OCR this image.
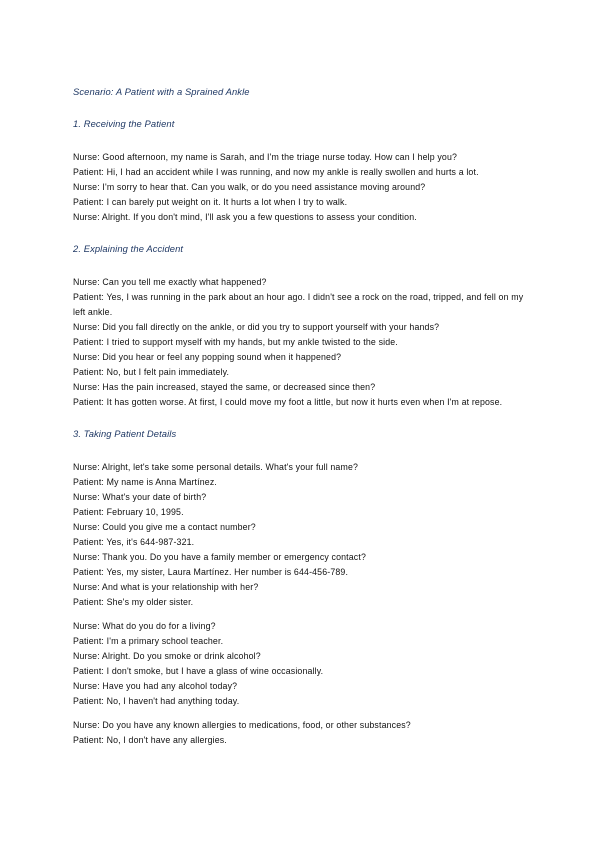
Scenario: A Patient with a Sprained Ankle
1. Receiving the Patient
Nurse: Good afternoon, my name is Sarah, and I'm the triage nurse today. How can I help you?
Patient: Hi, I had an accident while I was running, and now my ankle is really swollen and hurts a lot.
Nurse: I'm sorry to hear that. Can you walk, or do you need assistance moving around?
Patient: I can barely put weight on it. It hurts a lot when I try to walk.
Nurse: Alright. If you don't mind, I'll ask you a few questions to assess your condition.
2. Explaining the Accident
Nurse: Can you tell me exactly what happened?
Patient: Yes, I was running in the park about an hour ago. I didn't see a rock on the road, tripped, and fell on my left ankle.
Nurse: Did you fall directly on the ankle, or did you try to support yourself with your hands?
Patient: I tried to support myself with my hands, but my ankle twisted to the side.
Nurse: Did you hear or feel any popping sound when it happened?
Patient: No, but I felt pain immediately.
Nurse: Has the pain increased, stayed the same, or decreased since then?
Patient: It has gotten worse. At first, I could move my foot a little, but now it hurts even when I'm at repose.
3. Taking Patient Details
Nurse: Alright, let's take some personal details. What's your full name?
Patient: My name is Anna Martínez.
Nurse: What's your date of birth?
Patient: February 10, 1995.
Nurse: Could you give me a contact number?
Patient: Yes, it's 644-987-321.
Nurse: Thank you. Do you have a family member or emergency contact?
Patient: Yes, my sister, Laura Martínez. Her number is 644-456-789.
Nurse: And what is your relationship with her?
Patient: She's my older sister.
Nurse: What do you do for a living?
Patient: I'm a primary school teacher.
Nurse: Alright. Do you smoke or drink alcohol?
Patient: I don't smoke, but I have a glass of wine occasionally.
Nurse: Have you had any alcohol today?
Patient: No, I haven't had anything today.
Nurse: Do you have any known allergies to medications, food, or other substances?
Patient: No, I don't have any allergies.
